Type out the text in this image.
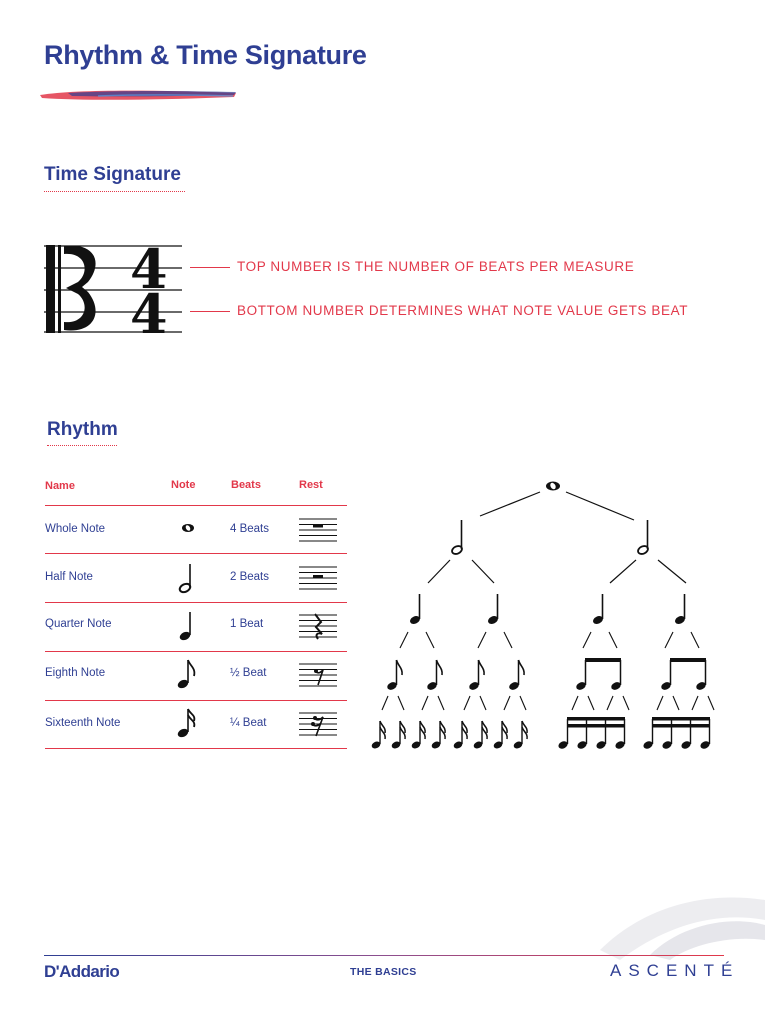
Rhythm & Time Signature
Time Signature
4
4
TOP NUMBER IS THE NUMBER OF BEATS PER MEASURE
BOTTOM NUMBER DETERMINES WHAT NOTE VALUE GETS BEAT
Rhythm
Name	Note	Beats	Rest
Whole Note	4 Beats
Half Note	2 Beats
Quarter Note	1 Beat
Eighth Note	½ Beat
Sixteenth Note	¼ Beat
D'Addario	THE BASICS	ASCENTÉ
